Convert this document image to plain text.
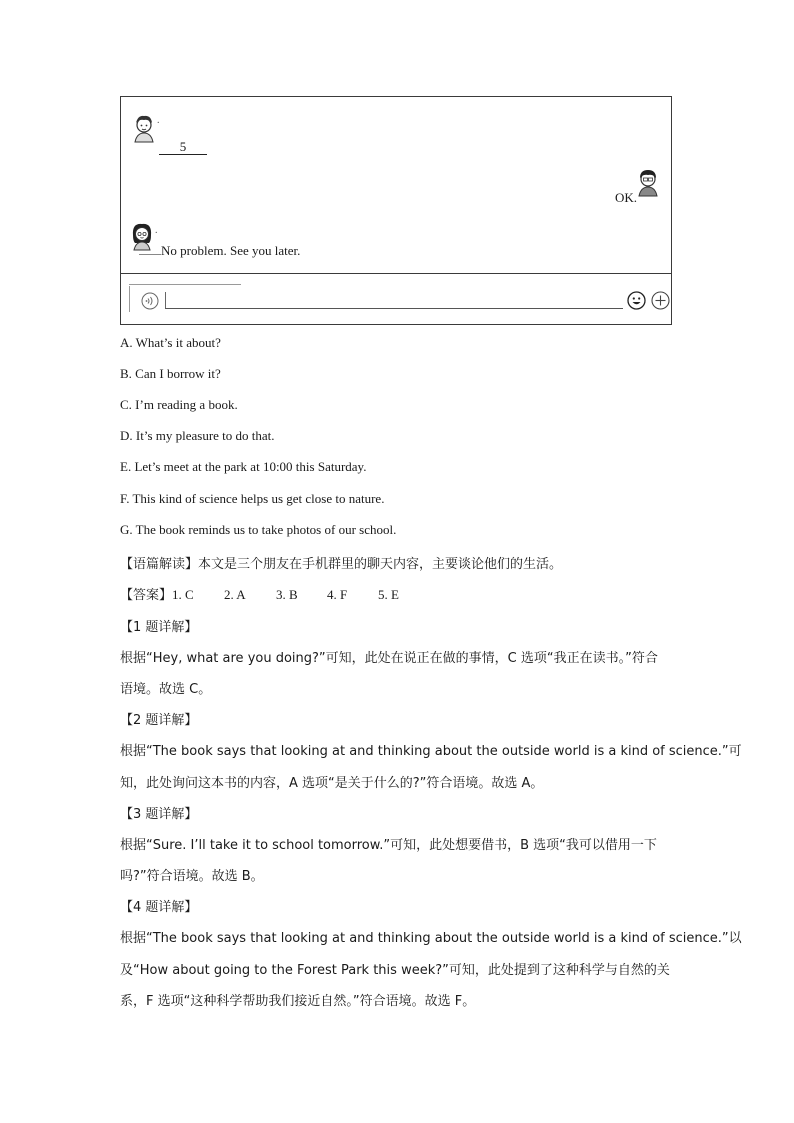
.
5
OK.
.
No problem. See you later.
A. What’s it about?
B. Can I borrow it?
C. I’m reading a book.
D. It’s my pleasure to do that.
E. Let’s meet at the park at 10:00 this Saturday.
F. This kind of science helps us get close to nature.
G. The book reminds us to take photos of our school.
【语篇解读】本文是三个朋友在手机群里的聊天内容，主要谈论他们的生活。
【答案】1. C 2. A 3. B 4. F 5. E
【1 题详解】
根据“Hey, what are you doing?”可知，此处在说正在做的事情，C 选项“我正在读书。”符合
语境。故选 C。
【2 题详解】
根据“The book says that looking at and thinking about the outside world is a kind of science.”可
知，此处询问这本书的内容，A 选项“是关于什么的?”符合语境。故选 A。
【3 题详解】
根据“Sure. I’ll take it to school tomorrow.”可知，此处想要借书，B 选项“我可以借用一下
吗?”符合语境。故选 B。
【4 题详解】
根据“The book says that looking at and thinking about the outside world is a kind of science.”以
及“How about going to the Forest Park this week?”可知，此处提到了这种科学与自然的关
系，F 选项“这种科学帮助我们接近自然。”符合语境。故选 F。
